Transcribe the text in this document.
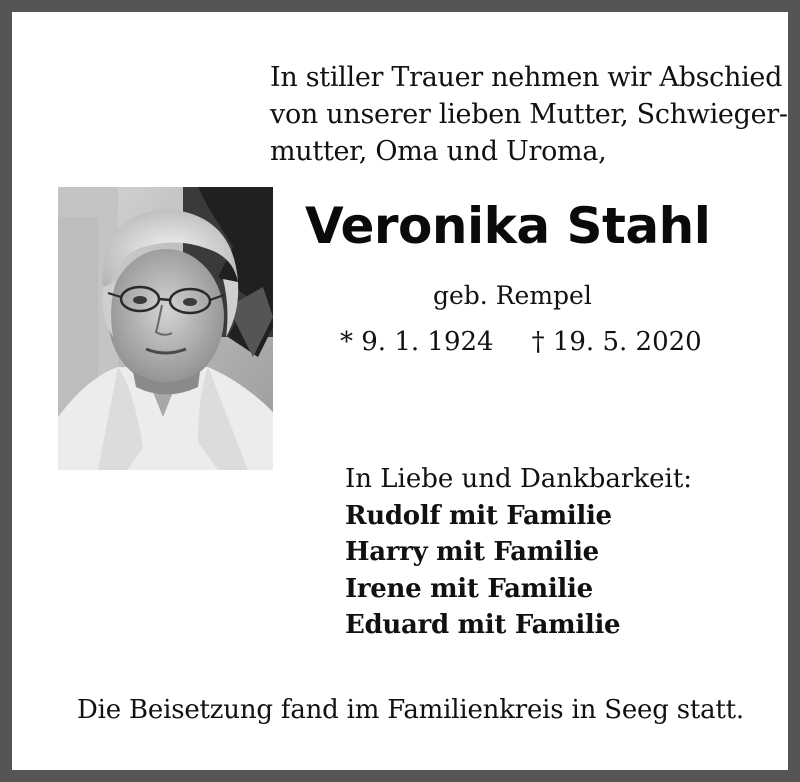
In stiller Trauer nehmen wir Abschied
von unserer lieben Mutter, Schwieger-
mutter, Oma und Uroma,
Veronika Stahl
geb. Rempel
* 9. 1. 1924 † 19. 5. 2020
In Liebe und Dankbarkeit:
Rudolf mit Familie
Harry mit Familie
Irene mit Familie
Eduard mit Familie
Die Beisetzung fand im Familienkreis in Seeg statt.
